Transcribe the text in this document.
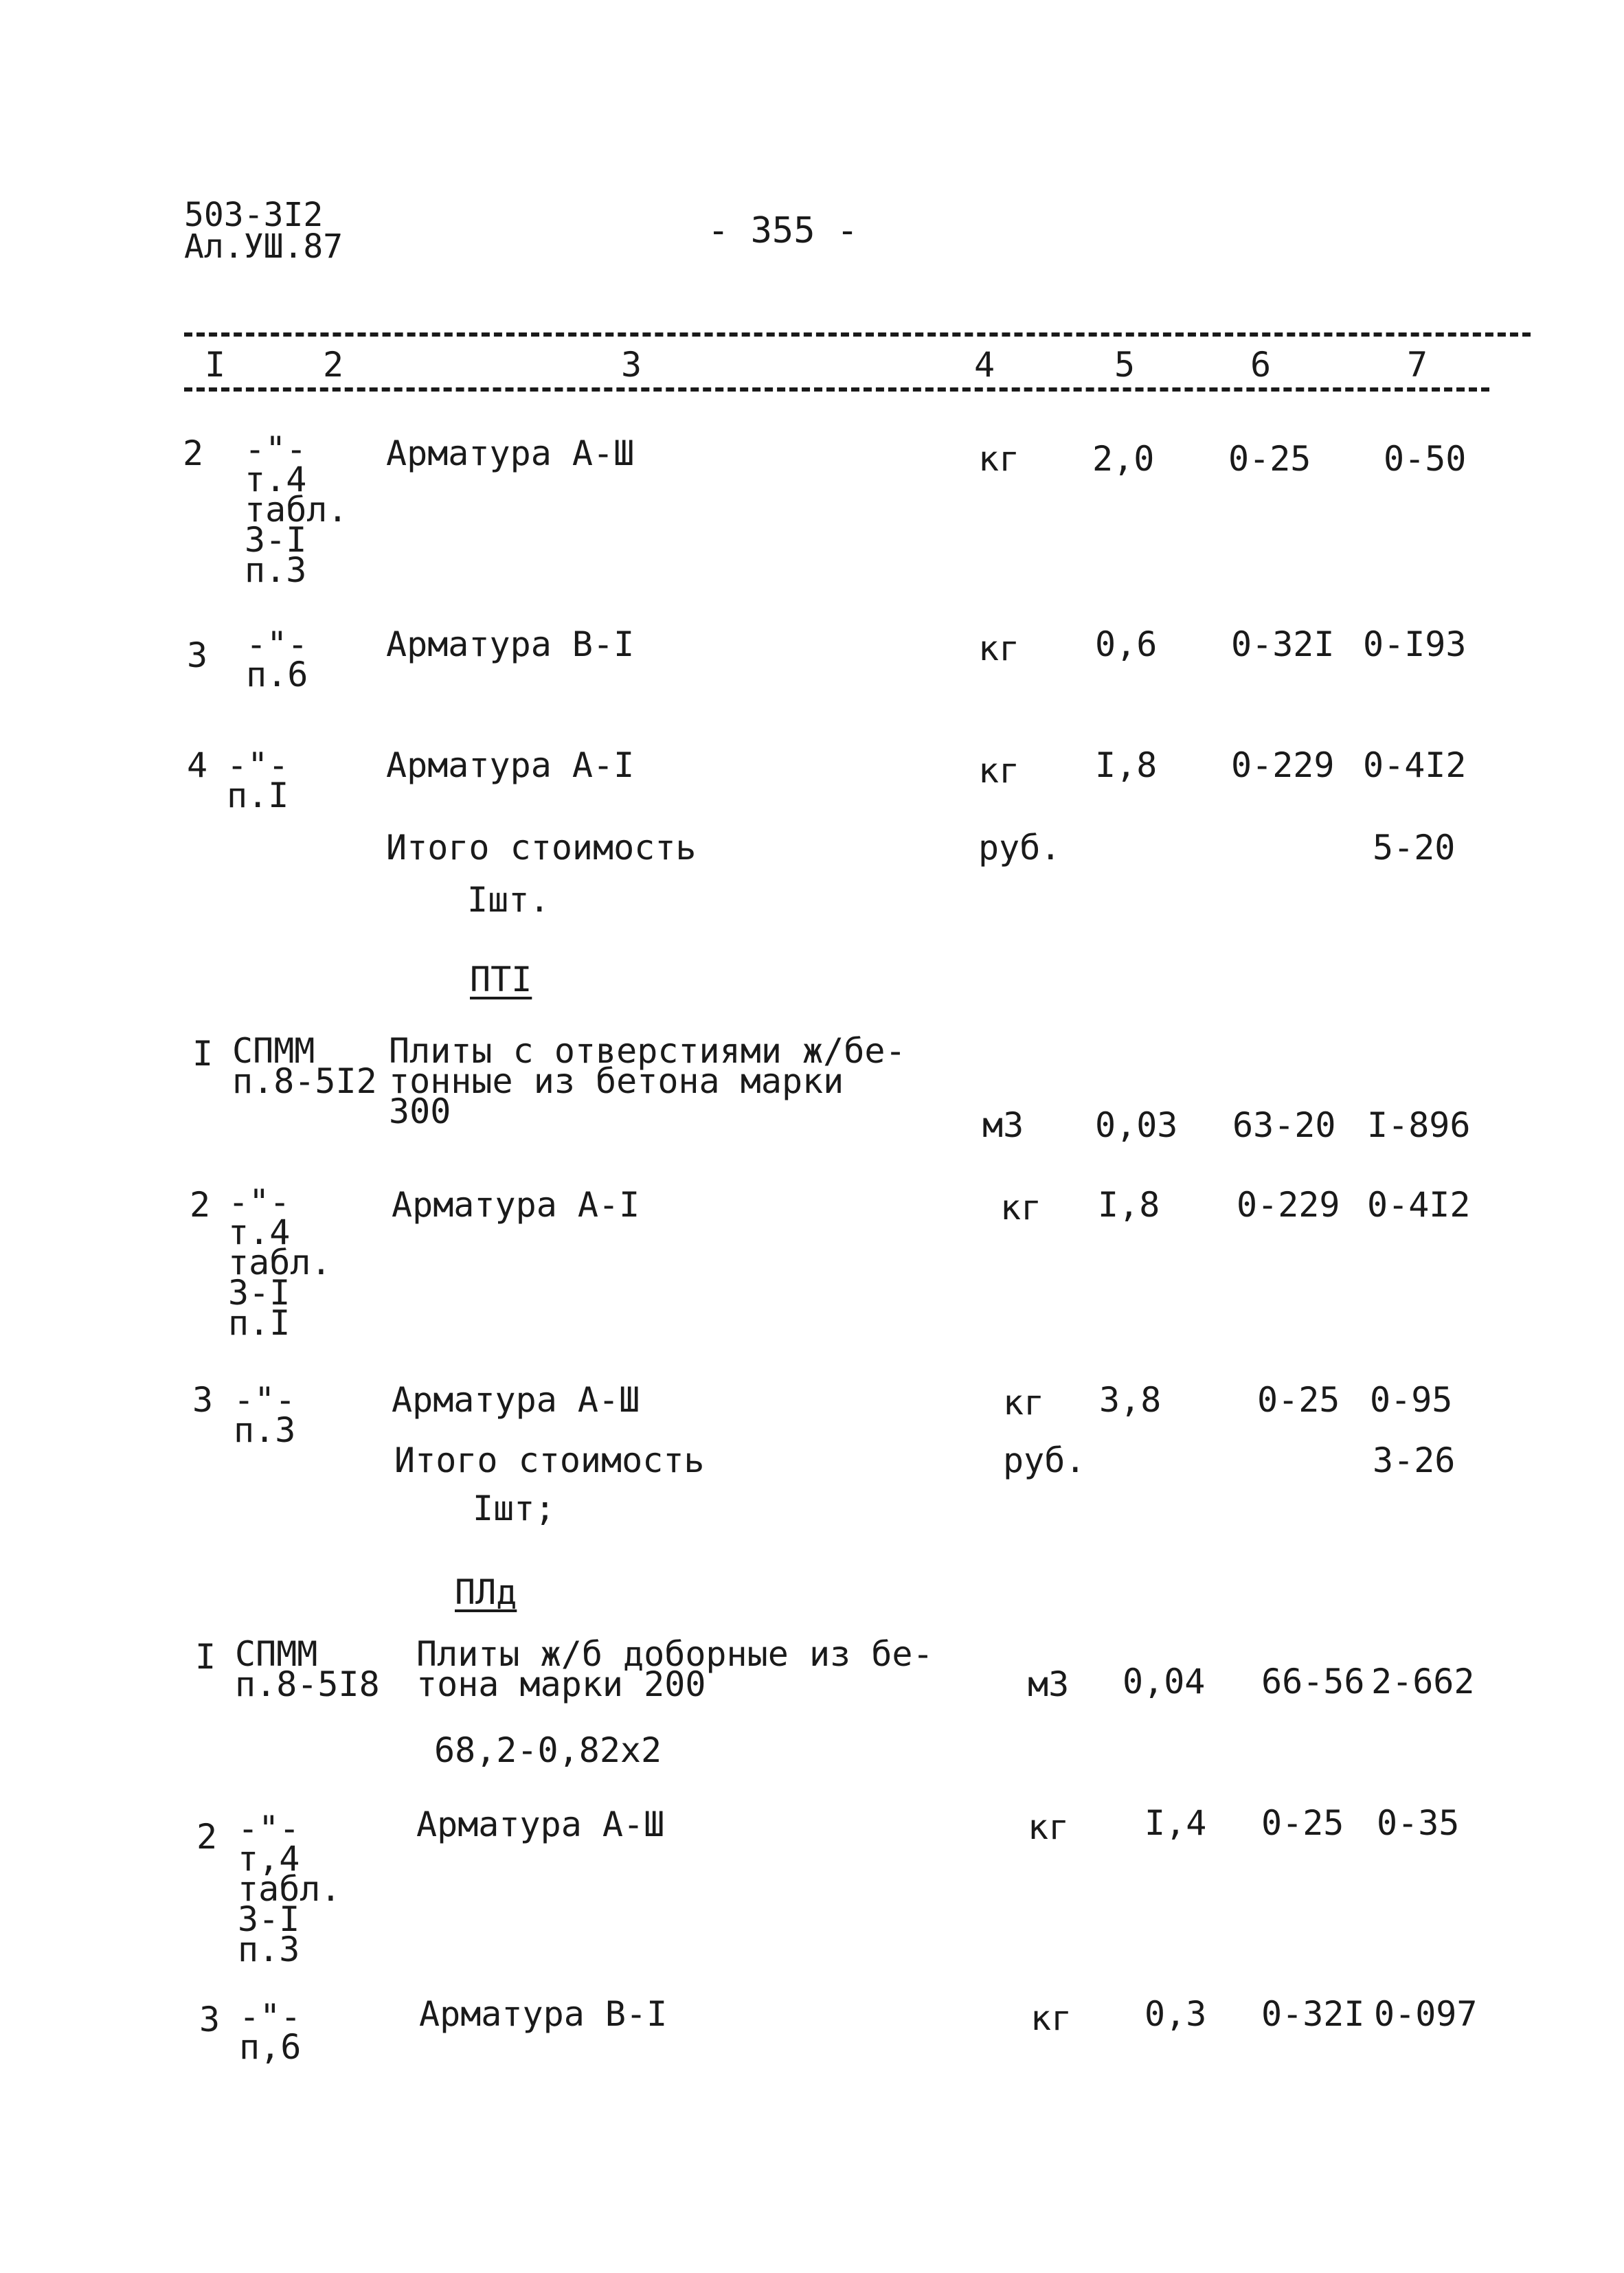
503-3I2
Ал.УШ.87	- 355 -
I	2	3	4	5	6	7
2 -"-
т.4
табл.
3-I
п.3
Арматура А-Ш	кг 2,0 0-25 0-50
3 -"-
п.6
Арматура В-I	кг 0,6 0-32I 0-I93
4 -"-
п.I
Арматура А-I	кг I,8 0-229 0-4I2
Итого стоимость
Iшт.
руб.	5-20
ПТI
I СПММ
п.8-5I2
Плиты с отверстиями ж/бе-
тонные из бетона марки
300	м3 0,03 63-20 I-896
2 -"-
т.4
табл.
3-I
п.I
Арматура А-I	кг I,8 0-229 0-4I2
3 -"-
п.3
Арматура А-Ш	кг 3,8	0-25 0-95
Итого стоимость
Iшт;
руб.	3-26
ПЛд
I СПММ
п.8-5I8
Плиты ж/б доборные из бе-
тона марки 200
68,2-0,82х2
м3 0,04 66-56 2-662
2 -"-
т,4
табл.
3-I
п.3
Арматура А-Ш	кг I,4 0-25 0-35
3 -"-
п,6
Арматура В-I	кг 0,3 0-32I 0-097
